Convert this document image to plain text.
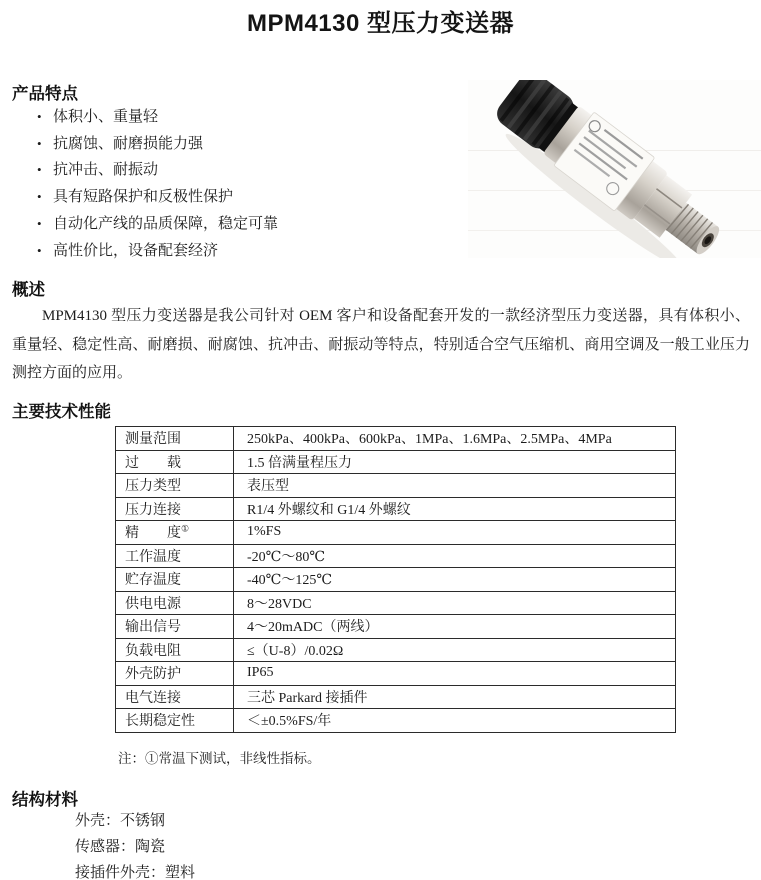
MPM4130 型压力变送器
产品特点
• 体积小、重量轻
• 抗腐蚀、耐磨损能力强
• 抗冲击、耐振动
• 具有短路保护和反极性保护
• 自动化产线的品质保障，稳定可靠
• 高性价比，设备配套经济
概述
MPM4130 型压力变送器是我公司针对 OEM 客户和设备配套开发的一款经济型压力变送器，具有体积小、重量轻、稳定性高、耐磨损、耐腐蚀、抗冲击、耐振动等特点，特别适合空气压缩机、商用空调及一般工业压力测控方面的应用。
主要技术性能
测量范围	250kPa、400kPa、600kPa、1MPa、1.6MPa、2.5MPa、4MPa
过　　载	1.5 倍满量程压力
压力类型	表压型
压力连接	R1/4 外螺纹和 G1/4 外螺纹
精　　度①	1%FS
工作温度	-20℃～80℃
贮存温度	-40℃～125℃
供电电源	8～28VDC
输出信号	4～20mADC（两线）
负载电阻	≤（U-8）/0.02Ω
外壳防护	IP65
电气连接	三芯 Parkard 接插件
长期稳定性	＜±0.5%FS/年
注：①常温下测试，非线性指标。
结构材料
外壳：不锈钢
传感器：陶瓷
接插件外壳：塑料
